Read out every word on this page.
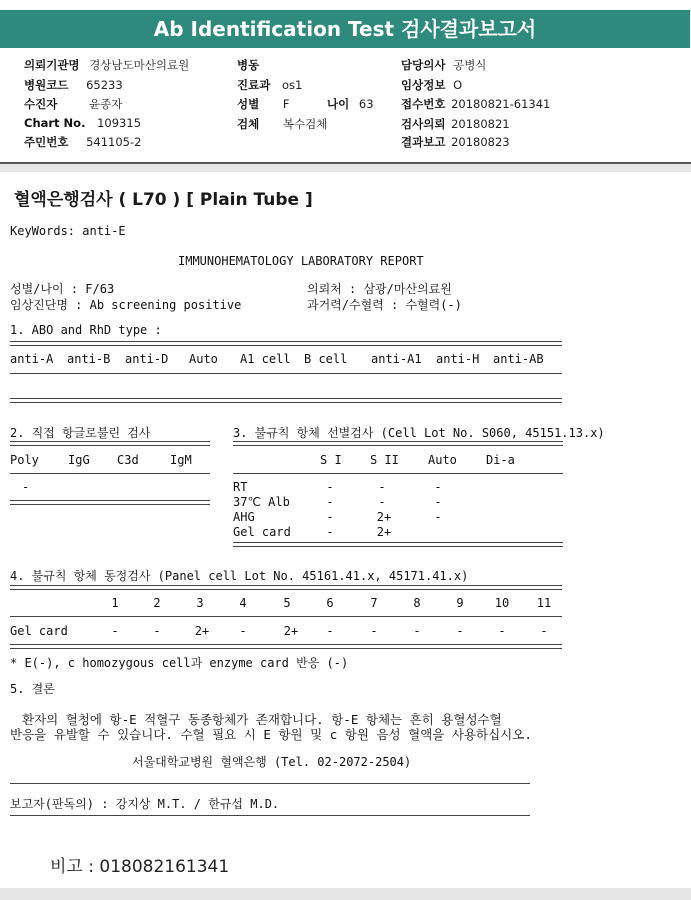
Ab Identification Test 검사결과보고서
의뢰기관명 경상남도마산의료원
병원코드 65233
수진자	윤종자
Chart No. 109315
주민번호 541105-2
병동
진료과 os1
성별 F	나이 63
검체 복수검체
담당의사 공병식
임상정보 O
접수번호 20180821-61341
검사의뢰 20180821
결과보고 20180823
혈액은행검사 ( L70 ) [ Plain Tube ]
KeyWords: anti-E
IMMUNOHEMATOLOGY LABORATORY REPORT
성별/나이 : F/63
임상진단명 : Ab screening positive
의뢰처 : 삼광/마산의료원
과거력/수혈력 : 수혈력(-)
1. ABO and RhD type :
anti-A anti-B anti-D Auto A1 cell B cell anti-A1 anti-H anti-AB
2. 직접 항글로불린 검사
Poly IgG C3d	IgM
-
3. 불규칙 항체 선별검사 (Cell Lot No. S060, 45151.13.x)
S I S II Auto Di-a
RT	-	-	-
37℃ Alb	-	-	-
AHG	-	2+	-
Gel card	-	2+
4. 불규칙 항체 동정검사 (Panel cell Lot No. 45161.41.x, 45171.41.x)
1	2	3	4	5	6	7	8	9	10	11
Gel card	-	-	2+	-	2+	-	-	-	-	-	-
* E(-), c homozygous cell과 enzyme card 반응 (-)
5. 결론
환자의 혈청에 항-E 적혈구 동종항체가 존재합니다. 항-E 항체는 흔히 용혈성수혈
반응을 유발할 수 있습니다. 수혈 필요 시 E 항원 및 c 항원 음성 혈액을 사용하십시오.
서울대학교병원 혈액은행 (Tel. 02-2072-2504)
보고자(판독의) : 강지상 M.T. / 한규섭 M.D.
비고 : 018082161341
